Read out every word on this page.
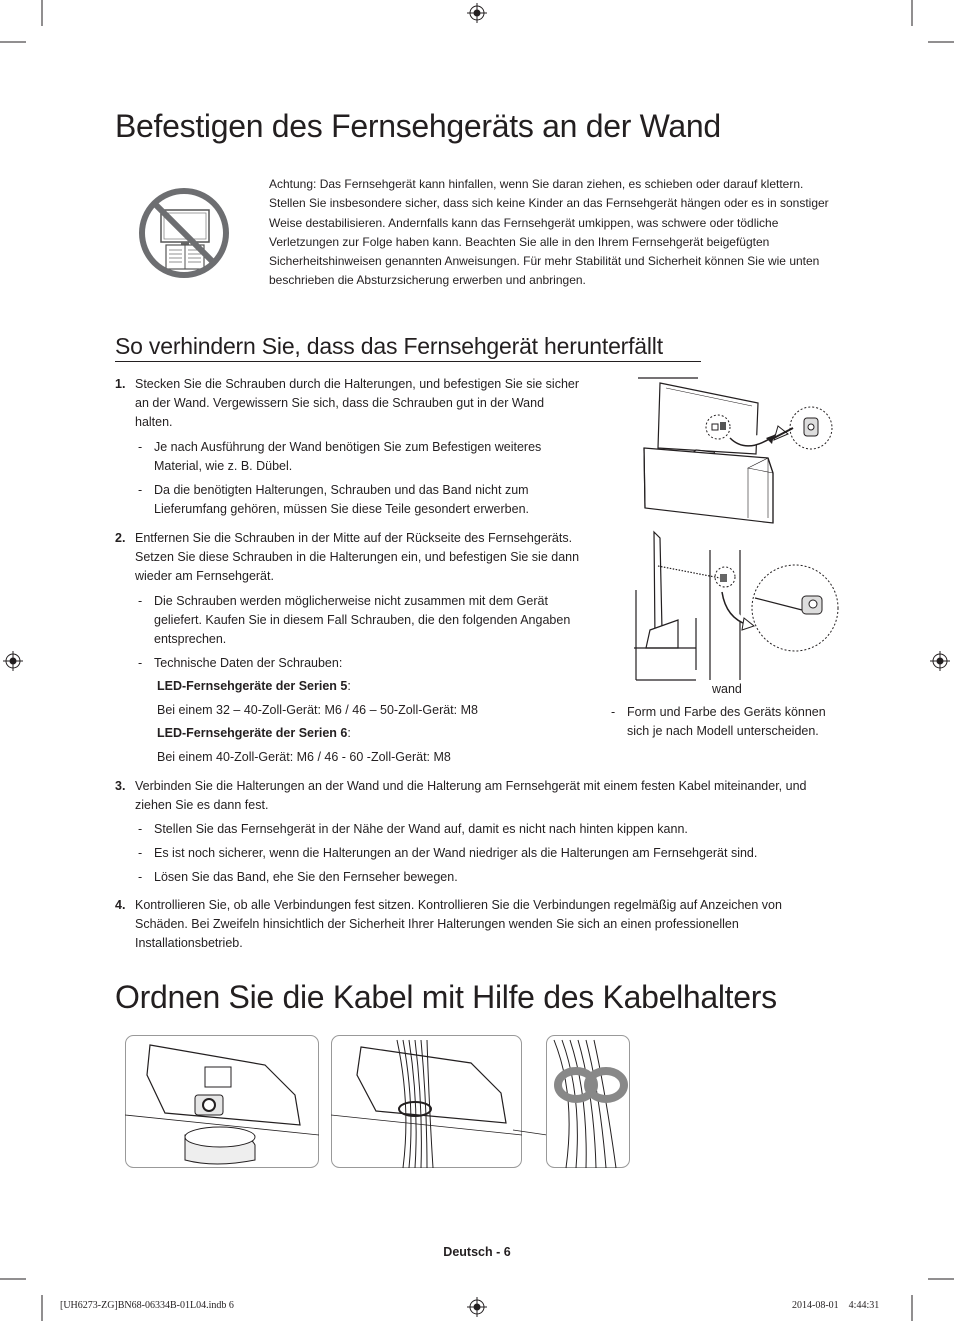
Befestigen des Fernsehgeräts an der Wand
Achtung: Das Fernsehgerät kann hinfallen, wenn Sie daran ziehen, es schieben oder darauf klettern. Stellen Sie insbesondere sicher, dass sich keine Kinder an das Fernsehgerät hängen oder es in sonstiger Weise destabilisieren. Andernfalls kann das Fernsehgerät umkippen, was schwere oder tödliche Verletzungen zur Folge haben kann. Beachten Sie alle in den Ihrem Fernsehgerät beigefügten Sicherheitshinweisen genannten Anweisungen. Für mehr Stabilität und Sicherheit können Sie wie unten beschrieben die Absturzsicherung erwerben und anbringen.
So verhindern Sie, dass das Fernsehgerät herunterfällt
1. Stecken Sie die Schrauben durch die Halterungen, und befestigen Sie sie sicher an der Wand. Vergewissern Sie sich, dass die Schrauben gut in der Wand halten.
- Je nach Ausführung der Wand benötigen Sie zum Befestigen weiteres Material, wie z. B. Dübel.
- Da die benötigten Halterungen, Schrauben und das Band nicht zum Lieferumfang gehören, müssen Sie diese Teile gesondert erwerben.
2. Entfernen Sie die Schrauben in der Mitte auf der Rückseite des Fernsehgeräts. Setzen Sie diese Schrauben in die Halterungen ein, und befestigen Sie sie dann wieder am Fernsehgerät.
- Die Schrauben werden möglicherweise nicht zusammen mit dem Gerät geliefert. Kaufen Sie in diesem Fall Schrauben, die den folgenden Angaben entsprechen.
- Technische Daten der Schrauben:
LED-Fernsehgeräte der Serien 5:
Bei einem 32 – 40-Zoll-Gerät: M6 / 46 – 50-Zoll-Gerät: M8
LED-Fernsehgeräte der Serien 6:
Bei einem 40-Zoll-Gerät: M6 / 46 - 60 -Zoll-Gerät: M8
wand
- Form und Farbe des Geräts können sich je nach Modell unterscheiden.
3. Verbinden Sie die Halterungen an der Wand und die Halterung am Fernsehgerät mit einem festen Kabel miteinander, und ziehen Sie es dann fest.
- Stellen Sie das Fernsehgerät in der Nähe der Wand auf, damit es nicht nach hinten kippen kann.
- Es ist noch sicherer, wenn die Halterungen an der Wand niedriger als die Halterungen am Fernsehgerät sind.
- Lösen Sie das Band, ehe Sie den Fernseher bewegen.
4. Kontrollieren Sie, ob alle Verbindungen fest sitzen. Kontrollieren Sie die Verbindungen regelmäßig auf Anzeichen von Schäden. Bei Zweifeln hinsichtlich der Sicherheit Ihrer Halterungen wenden Sie sich an einen professionellen Installationsbetrieb.
Ordnen Sie die Kabel mit Hilfe des Kabelhalters
Deutsch - 6
[UH6273-ZG]BN68-06334B-01L04.indb 6	2014-08-01   4:44:31
